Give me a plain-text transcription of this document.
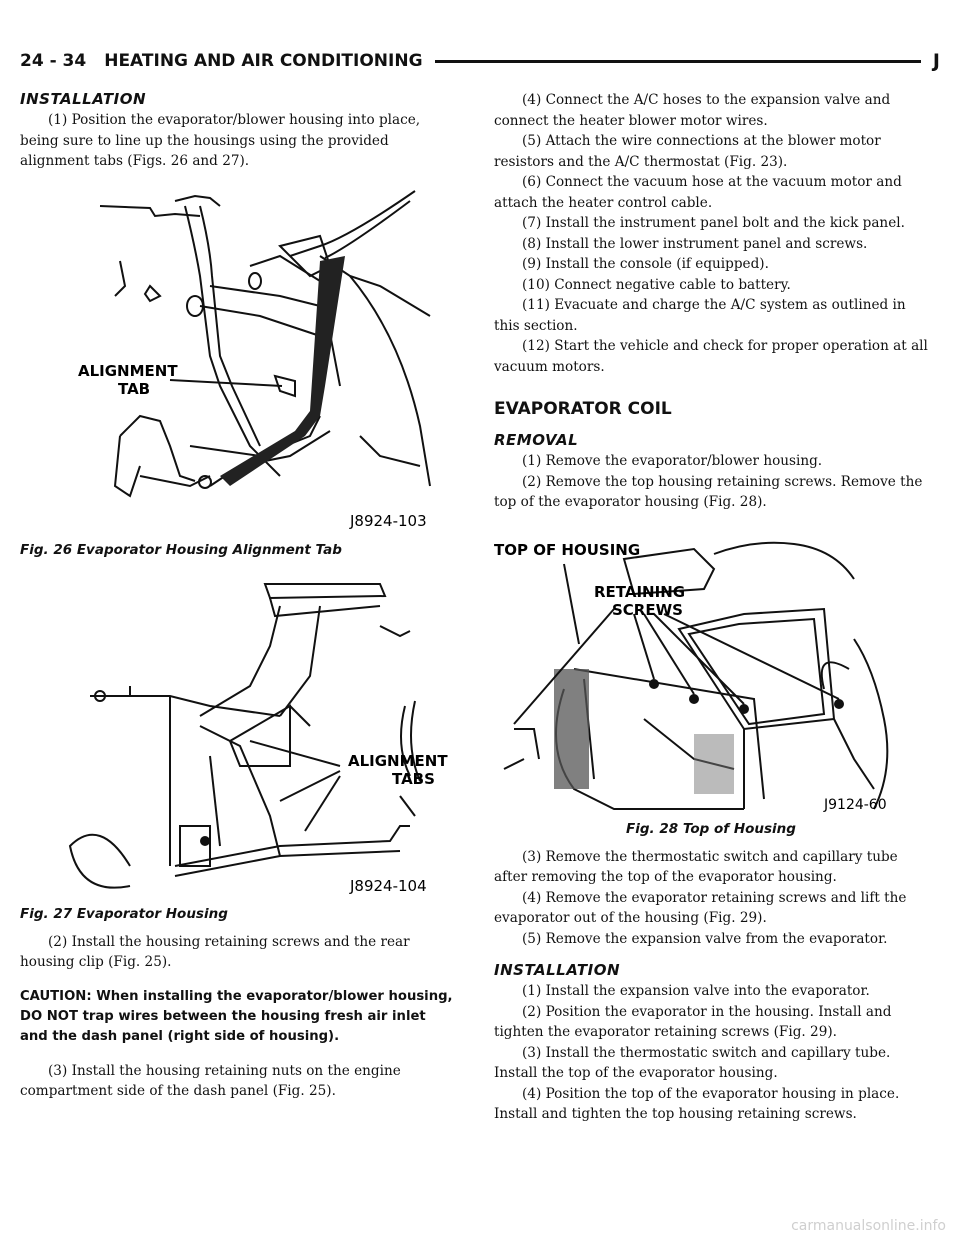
24 - 34 HEATING AND AIR CONDITIONING	J
INSTALLATION

(1) Position the evaporator/blower housing into place, being sure to line up the housings using the provided alignment tabs (Figs. 26 and 27).

ALIGNMENT
TAB
J8924-103

Fig. 26 Evaporator Housing Alignment Tab

ALIGNMENT
TABS
J8924-104

Fig. 27 Evaporator Housing

(2) Install the housing retaining screws and the rear housing clip (Fig. 25).

CAUTION: When installing the evaporator/blower housing, DO NOT trap wires between the housing fresh air inlet and the dash panel (right side of housing).

(3) Install the housing retaining nuts on the engine compartment side of the dash panel (Fig. 25).

(4) Connect the A/C hoses to the expansion valve and connect the heater blower motor wires.

(5) Attach the wire connections at the blower motor resistors and the A/C thermostat (Fig. 23).

(6) Connect the vacuum hose at the vacuum motor and attach the heater control cable.

(7) Install the instrument panel bolt and the kick panel.

(8) Install the lower instrument panel and screws.

(9) Install the console (if equipped).

(10) Connect negative cable to battery.

(11) Evacuate and charge the A/C system as outlined in this section.

(12) Start the vehicle and check for proper operation at all vacuum motors.

EVAPORATOR COIL
REMOVAL

(1) Remove the evaporator/blower housing.

(2) Remove the top housing retaining screws. Remove the top of the evaporator housing (Fig. 28).

TOP OF HOUSING
RETAINING
SCREWS
J9124-60

Fig. 28 Top of Housing

(3) Remove the thermostatic switch and capillary tube after removing the top of the evaporator housing.

(4) Remove the evaporator retaining screws and lift the evaporator out of the housing (Fig. 29).

(5) Remove the expansion valve from the evaporator.

INSTALLATION

(1) Install the expansion valve into the evaporator.

(2) Position the evaporator in the housing. Install and tighten the evaporator retaining screws (Fig. 29).

(3) Install the thermostatic switch and capillary tube. Install the top of the evaporator housing.

(4) Position the top of the evaporator housing in place. Install and tighten the top housing retaining screws.

carmanualsonline.info
